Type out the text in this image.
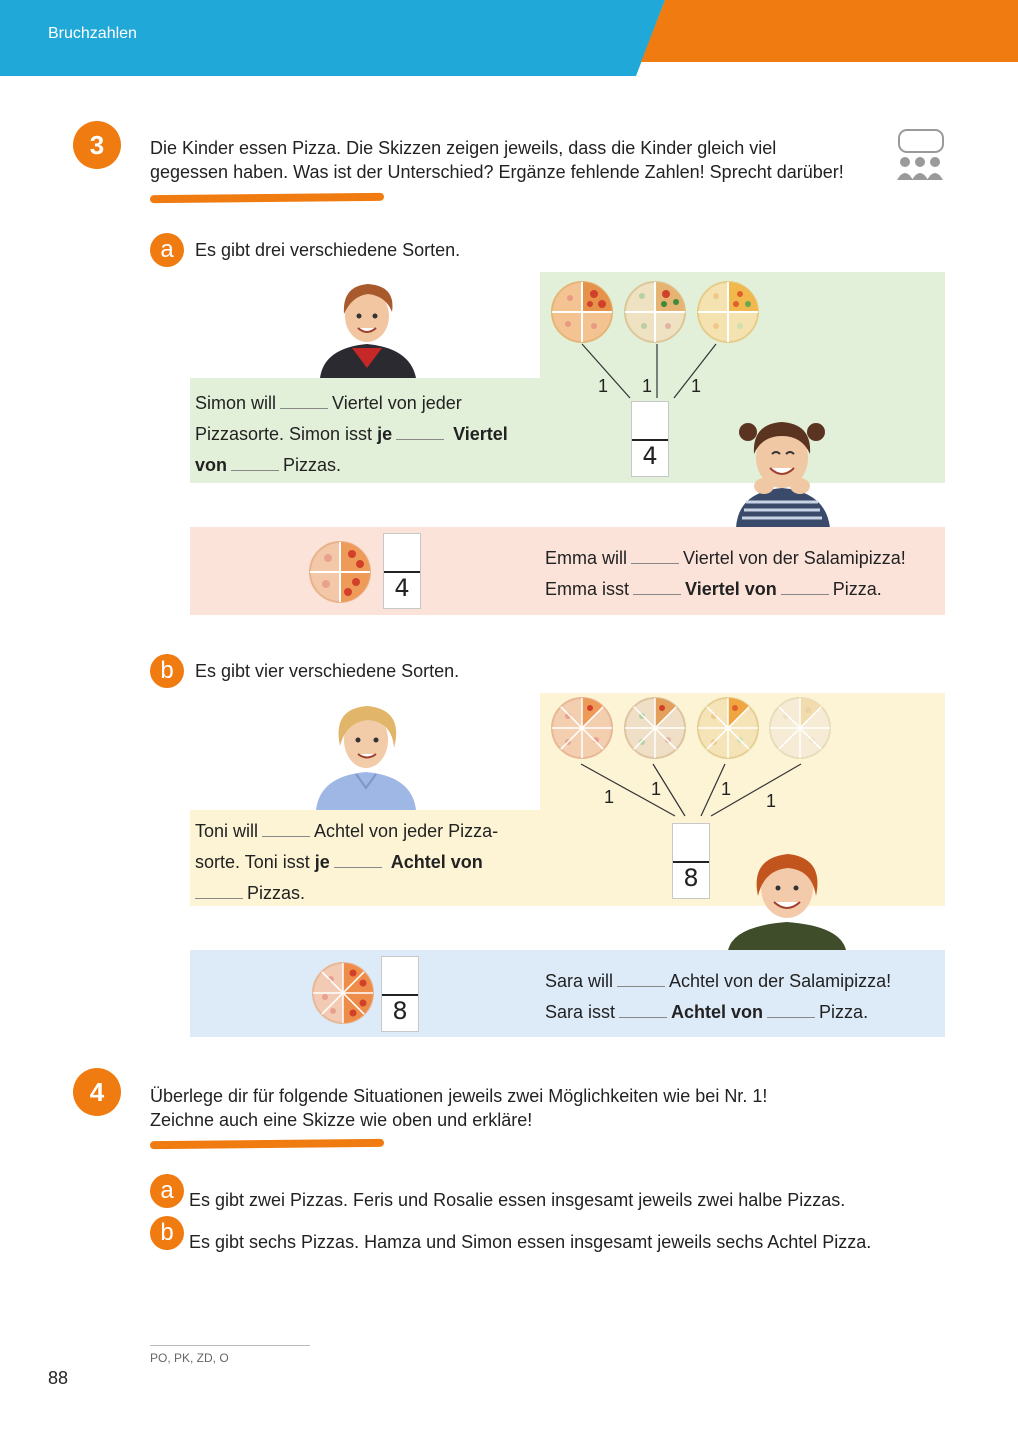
Bruchzahlen
3	Die Kinder essen Pizza. Die Skizzen zeigen jeweils, dass die Kinder gleich viel
gegessen haben. Was ist der Unterschied? Ergänze fehlende Zahlen! Sprecht darüber!
a	Es gibt drei verschiedene Sorten.
1 1 1
4
Simon will	Viertel von jeder
Pizzasorte. Simon isst je	Viertel
von	Pizzas.
4
Emma will	Viertel von der Salamipizza!
Emma isst	Viertel von	Pizza.
b	Es gibt vier verschiedene Sorten.
1 1	1
1
8
Toni will	Achtel von jeder Pizza-
sorte. Toni isst je	Achtel von
Pizzas.
8
Sara will	Achtel von der Salamipizza!
Sara isst	Achtel von	Pizza.
4	Überlege dir für folgende Situationen jeweils zwei Möglichkeiten wie bei Nr. 1!
Zeichne auch eine Skizze wie oben und erkläre!
a Es gibt zwei Pizzas. Feris und Rosalie essen insgesamt jeweils zwei halbe Pizzas.
b Es gibt sechs Pizzas. Hamza und Simon essen insgesamt jeweils sechs Achtel Pizza.
PO, PK, ZD, O
88
